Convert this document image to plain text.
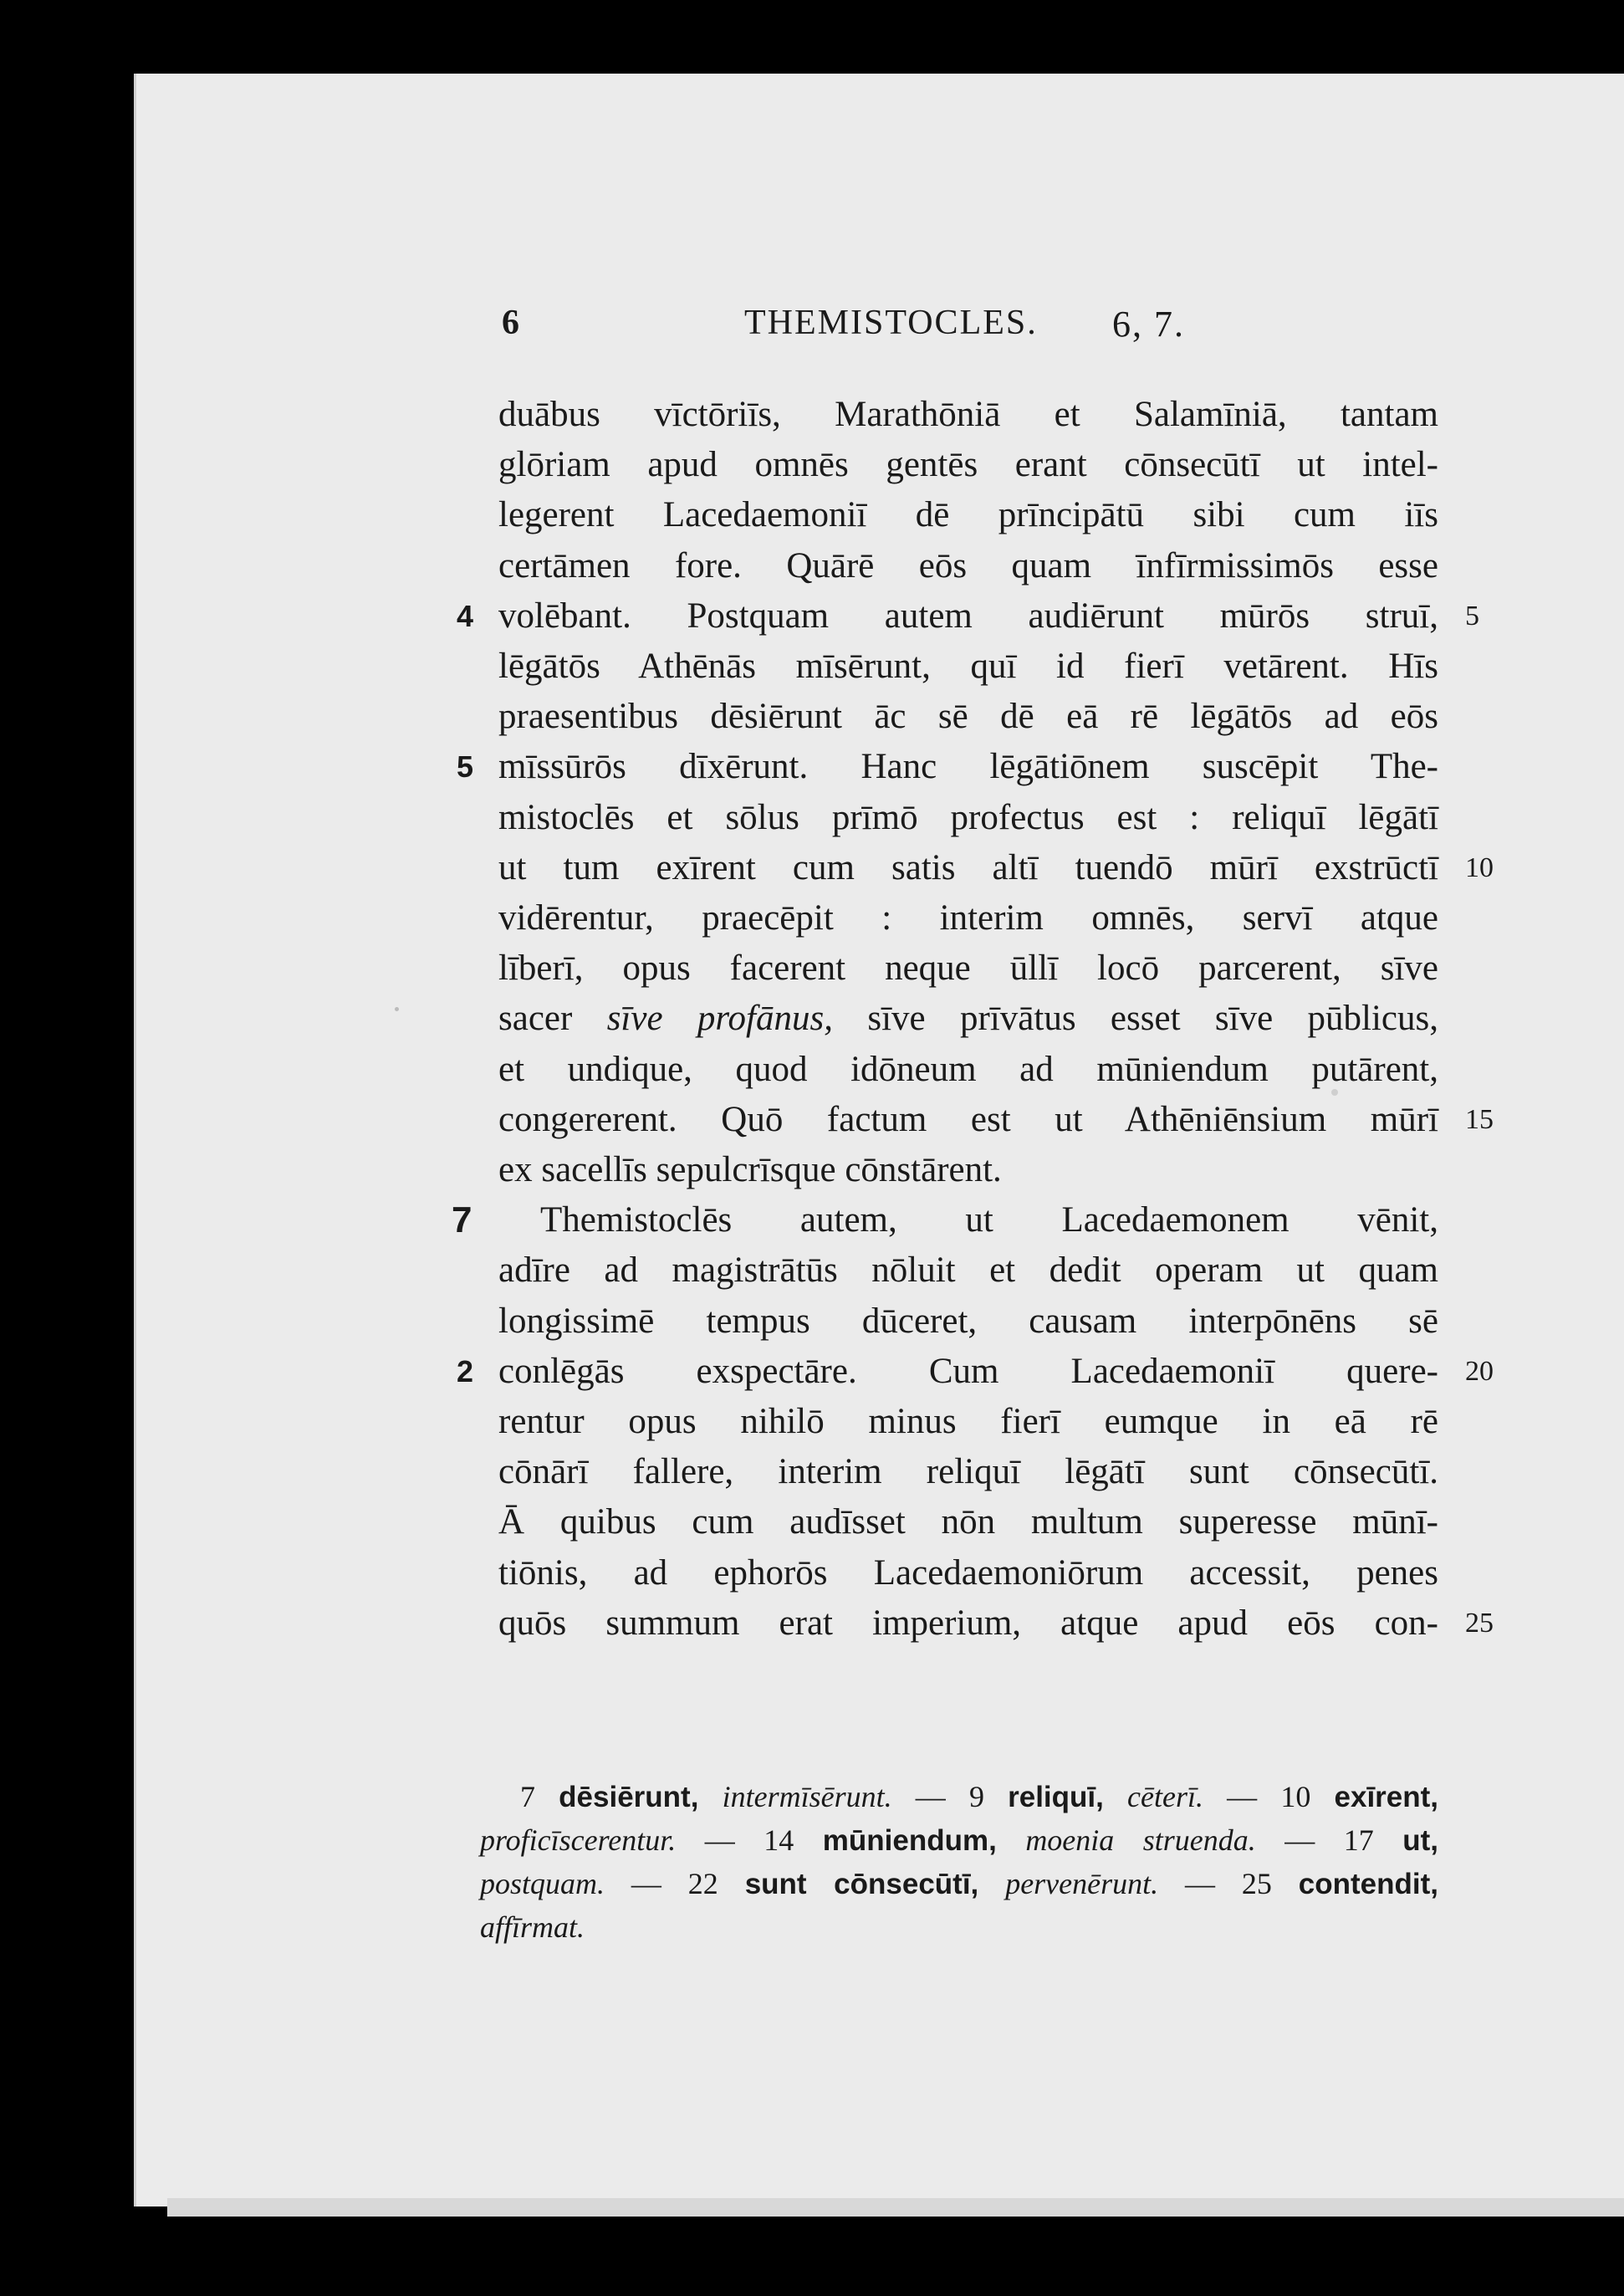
6	THEMISTOCLES. 6, 7.
duābus vīctōriīs, Marathōniā et Salamīniā, tantam
glōriam apud omnēs gentēs erant cōnsecūtī ut intel-
legerent Lacedaemoniī dē prīncipātū sibi cum iīs
certāmen fore. Quārē eōs quam īnfīrmissimōs esse
4 volēbant. Postquam autem audiērunt mūrōs struī, 5
lēgātōs Athēnās mīsērunt, quī id fierī vetārent. Hīs
praesentibus dēsiērunt āc sē dē eā rē lēgātōs ad eōs
5 mīssūrōs dīxērunt. Hanc lēgātiōnem suscēpit The-
mistoclēs et sōlus prīmō profectus est : reliquī lēgātī
ut tum exīrent cum satis altī tuendō mūrī exstrūctī 10
vidērentur, praecēpit : interim omnēs, servī atque
līberī, opus facerent neque ūllī locō parcerent, sīve
sacer sīve profānus, sīve prīvātus esset sīve pūblicus,
et undique, quod idōneum ad mūniendum putārent,
congererent. Quō factum est ut Athēniēnsium mūrī 15
ex sacellīs sepulcrīsque cōnstārent.
7	Themistoclēs autem, ut Lacedaemonem vēnit,
adīre ad magistrātūs nōluit et dedit operam ut quam
longissimē tempus dūceret, causam interpōnēns sē
2 conlēgās exspectāre. Cum Lacedaemoniī quere- 20
rentur opus nihilō minus fierī eumque in eā rē
cōnārī fallere, interim reliquī lēgātī sunt cōnsecūtī.
Ā quibus cum audīsset nōn multum superesse mūnī-
tiōnis, ad ephorōs Lacedaemoniōrum accessit, penes
quōs summum erat imperium, atque apud eōs con- 25
7 dēsiērunt, intermīsērunt. — 9 reliquī, cēterī. — 10 exīrent,
proficīscerentur. — 14 mūniendum, moenia struenda. — 17 ut,
postquam. — 22 sunt cōnsecūtī, pervenērunt. — 25 contendit,
affīrmat.
